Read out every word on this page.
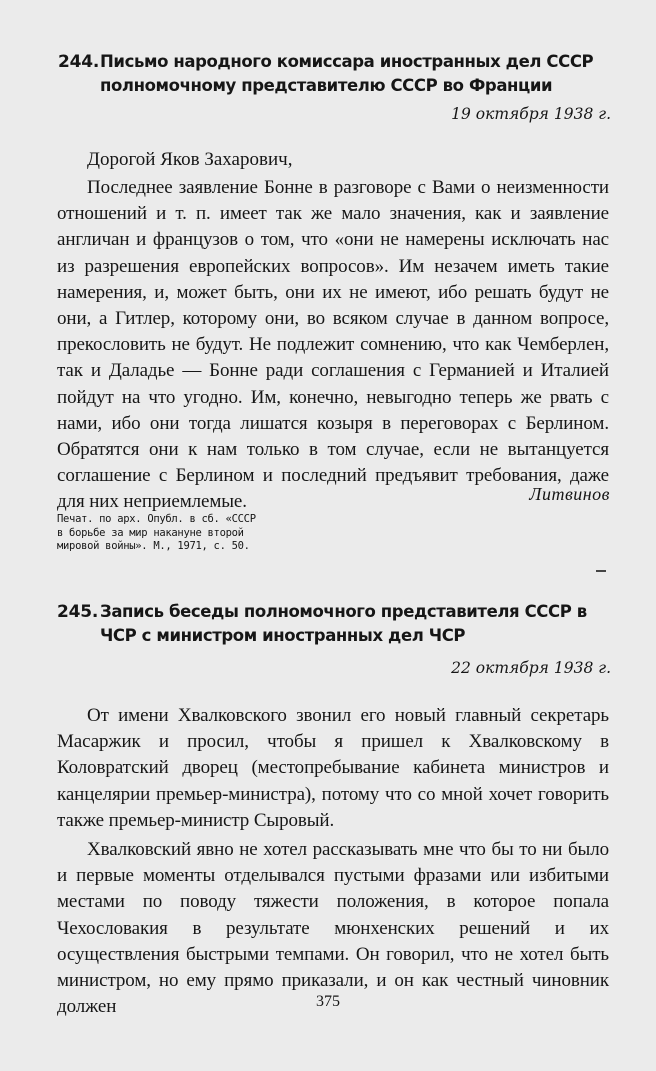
244. Письмо народного комиссара иностранных дел СССР полномочному представителю СССР во Франции
19 октября 1938 г.
Дорогой Яков Захарович,

Последнее заявление Бонне в разговоре с Вами о неизменности отношений и т. п. имеет так же мало значения, как и заявление англичан и французов о том, что «они не намерены исключать нас из разрешения европейских вопросов». Им незачем иметь такие намерения, и, может быть, они их не имеют, ибо решать будут не они, а Гитлер, которому они, во всяком случае в данном вопросе, прекословить не будут. Не подлежит сомнению, что как Чемберлен, так и Даладье — Бонне ради соглашения с Германией и Италией пойдут на что угодно. Им, конечно, невыгодно теперь же рвать с нами, ибо они тогда лишатся козыря в переговорах с Берлином. Обратятся они к нам только в том случае, если не вытанцуется соглашение с Берлином и последний предъявит требования, даже для них неприемлемые.	Литвинов
Печат. по арх. Опубл. в сб. «СССР
в борьбе за мир накануне второй
мировой войны». М., 1971, с. 50.
245. Запись беседы полномочного представителя СССР в ЧСР с министром иностранных дел ЧСР
22 октября 1938 г.

От имени Хвалковского звонил его новый главный секретарь Масаржик и просил, чтобы я пришел к Хвалковскому в Коловратский дворец (местопребывание кабинета министров и канцелярии премьер-министра), потому что со мной хочет говорить также премьер-министр Сыровый.

Хвалковский явно не хотел рассказывать мне что бы то ни было и первые моменты отделывался пустыми фразами или избитыми местами по поводу тяжести положения, в которое попала Чехословакия в результате мюнхенских решений и их осуществления быстрыми темпами. Он говорил, что не хотел быть министром, но ему прямо приказали, и он как честный чиновник должен	375
